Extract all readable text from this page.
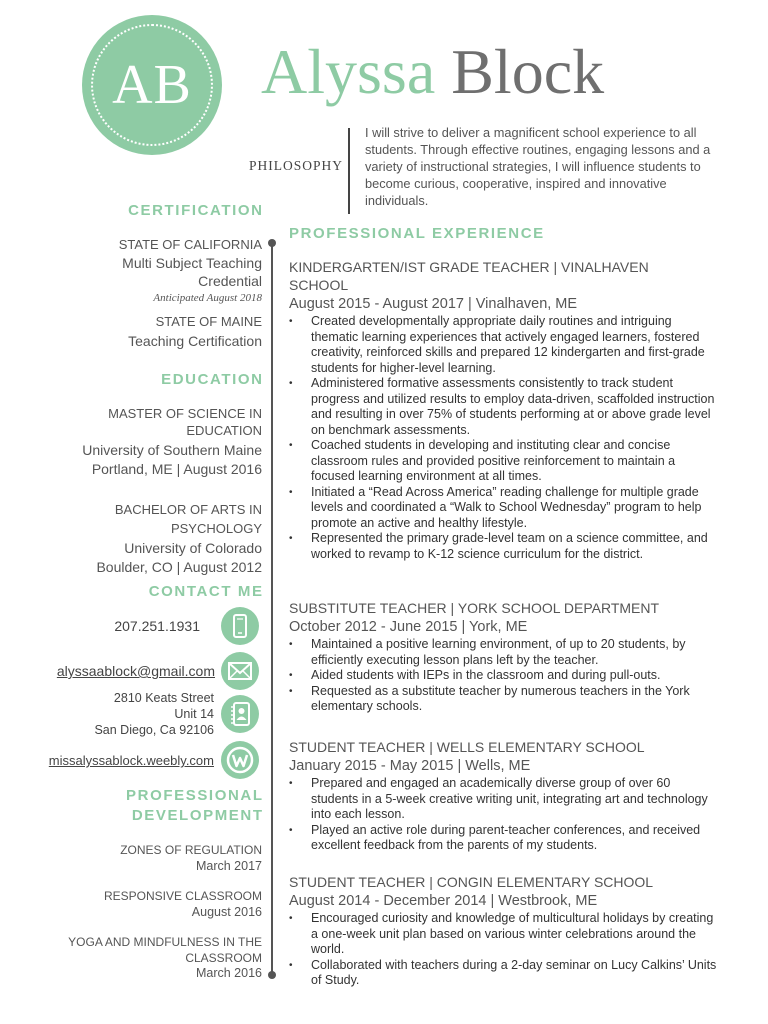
AB	Alyssa Block
PHILOSOPHY
I will strive to deliver a magnificent school experience to all students. Through effective routines, engaging lessons and a variety of instructional strategies, I will influence students to become curious, cooperative, inspired and innovative individuals.
CERTIFICATION
STATE OF CALIFORNIA
Multi Subject Teaching Credential
Anticipated August 2018
STATE OF MAINE
Teaching Certification
EDUCATION
MASTER OF SCIENCE IN EDUCATION
University of Southern Maine
Portland, ME | August 2016
BACHELOR OF ARTS IN PSYCHOLOGY
University of Colorado
Boulder, CO | August 2012
CONTACT ME
207.251.1931
alyssaablock@gmail.com
2810 Keats Street
Unit 14
San Diego, Ca 92106
missalyssablock.weebly.com
PROFESSIONAL DEVELOPMENT
ZONES OF REGULATION
March 2017
RESPONSIVE CLASSROOM
August 2016
YOGA AND MINDFULNESS IN THE CLASSROOM
March 2016
PROFESSIONAL EXPERIENCE
KINDERGARTEN/IST GRADE TEACHER | VINALHAVEN SCHOOL
August 2015 - August 2017 | Vinalhaven, ME
• Created developmentally appropriate daily routines and intriguing thematic learning experiences that actively engaged learners, fostered creativity, reinforced skills and prepared 12 kindergarten and first-grade students for higher-level learning.
• Administered formative assessments consistently to track student progress and utilized results to employ data-driven, scaffolded instruction and resulting in over 75% of students performing at or above grade level on benchmark assessments.
• Coached students in developing and instituting clear and concise classroom rules and provided positive reinforcement to maintain a focused learning environment at all times.
• Initiated a “Read Across America” reading challenge for multiple grade levels and coordinated a “Walk to School Wednesday” program to help promote an active and healthy lifestyle.
• Represented the primary grade-level team on a science committee, and worked to revamp to K-12 science curriculum for the district.
SUBSTITUTE TEACHER | YORK SCHOOL DEPARTMENT
October 2012 - June 2015 | York, ME
• Maintained a positive learning environment, of up to 20 students, by efficiently executing lesson plans left by the teacher.
• Aided students with IEPs in the classroom and during pull-outs.
• Requested as a substitute teacher by numerous teachers in the York elementary schools.
STUDENT TEACHER | WELLS ELEMENTARY SCHOOL
January 2015 - May 2015 | Wells, ME
• Prepared and engaged an academically diverse group of over 60 students in a 5-week creative writing unit, integrating art and technology into each lesson.
• Played an active role during parent-teacher conferences, and received excellent feedback from the parents of my students.
STUDENT TEACHER | CONGIN ELEMENTARY SCHOOL
August 2014 - December 2014 | Westbrook, ME
• Encouraged curiosity and knowledge of multicultural holidays by creating a one-week unit plan based on various winter celebrations around the world.
• Collaborated with teachers during a 2-day seminar on Lucy Calkins’ Units of Study.
